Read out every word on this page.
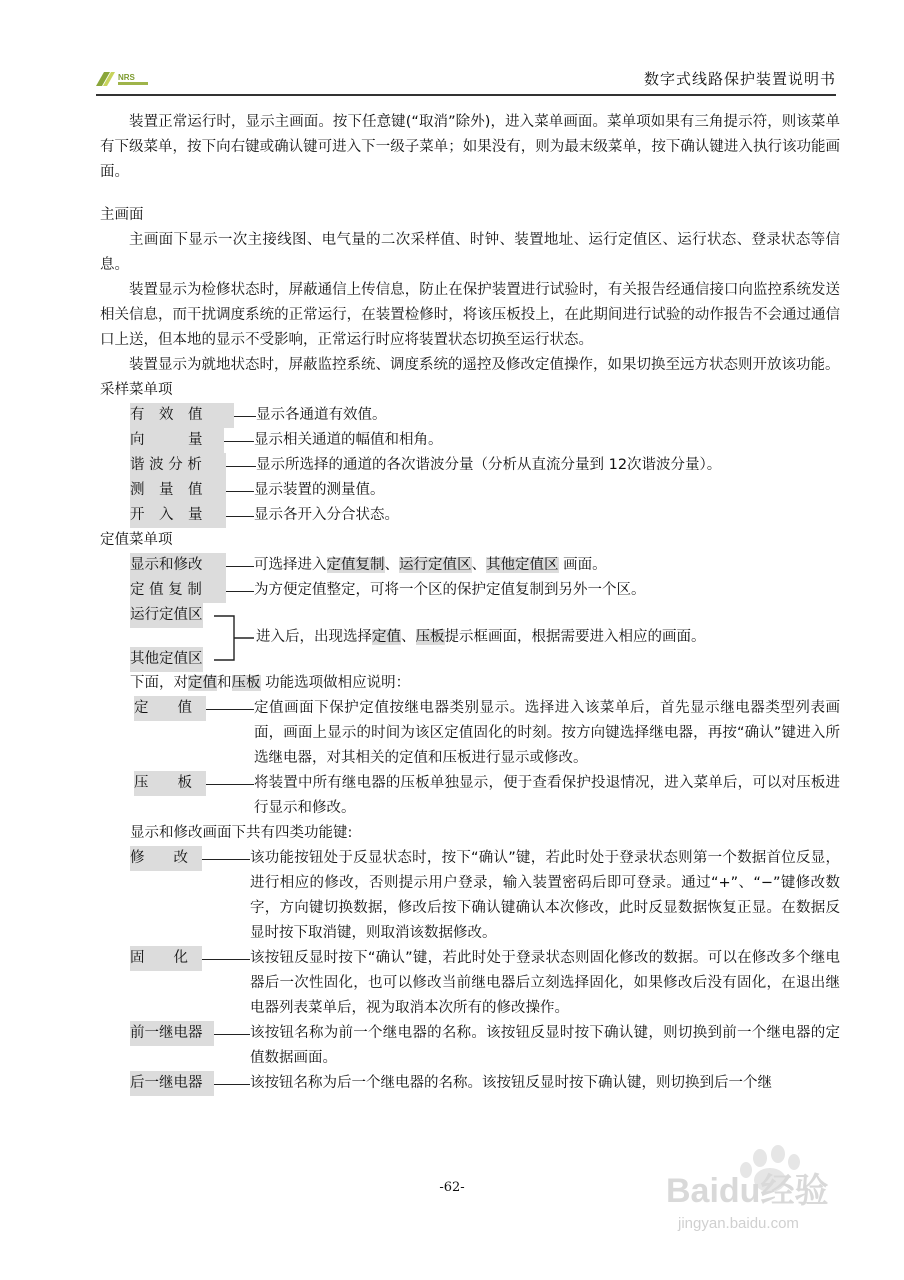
NRS	数字式线路保护装置说明书

装置正常运行时，显示主画面。按下任意键(“取消”除外)，进入菜单画面。菜单项如果有三角提示符，则该菜单有下级菜单，按下向右键或确认键可进入下一级子菜单；如果没有，则为最末级菜单，按下确认键进入执行该功能画面。

主画面

主画面下显示一次主接线图、电气量的二次采样值、时钟、装置地址、运行定值区、运行状态、登录状态等信息。

装置显示为检修状态时，屏蔽通信上传信息，防止在保护装置进行试验时，有关报告经通信接口向监控系统发送相关信息，而干扰调度系统的正常运行，在装置检修时，将该压板投上，在此期间进行试验的动作报告不会通过通信口上送，但本地的显示不受影响，正常运行时应将装置状态切换至运行状态。

装置显示为就地状态时，屏蔽监控系统、调度系统的遥控及修改定值操作，如果切换至远方状态则开放该功能。

采样菜单项

有　效　值	显示各通道有效值。
向　　　量	显示相关通道的幅值和相角。
谐 波 分 析	显示所选择的通道的各次谐波分量（分析从直流分量到 12次谐波分量）。
测　量　值	显示装置的测量值。
开　入　量	显示各开入分合状态。

定值菜单项

显示和修改	可选择进入定值复制、运行定值区、其他定值区 画面。
定 值 复 制	为方便定值整定，可将一个区的保护定值复制到另外一个区。
运行定值区
其他定值区
进入后，出现选择定值、压板提示框画面，根据需要进入相应的画面。

下面，对定值和压板 功能选项做相应说明：

定　　值	定值画面下保护定值按继电器类别显示。选择进入该菜单后，首先显示继电器类型列表画面，画面上显示的时间为该区定值固化的时刻。按方向键选择继电器，再按“确认”键进入所选继电器，对其相关的定值和压板进行显示或修改。
压　　板	将装置中所有继电器的压板单独显示，便于查看保护投退情况，进入菜单后，可以对压板进行显示和修改。

显示和修改画面下共有四类功能键:

修　　改	该功能按钮处于反显状态时，按下“确认”键，若此时处于登录状态则第一个数据首位反显，进行相应的修改，否则提示用户登录，输入装置密码后即可登录。通过“+”、“−”键修改数字，方向键切换数据，修改后按下确认键确认本次修改，此时反显数据恢复正显。在数据反显时按下取消键，则取消该数据修改。
固　　化	该按钮反显时按下“确认”键，若此时处于登录状态则固化修改的数据。可以在修改多个继电器后一次性固化，也可以修改当前继电器后立刻选择固化，如果修改后没有固化，在退出继电器列表菜单后，视为取消本次所有的修改操作。
前一继电器	该按钮名称为前一个继电器的名称。该按钮反显时按下确认键，则切换到前一个继电器的定值数据画面。
后一继电器	该按钮名称为后一个继电器的名称。该按钮反显时按下确认键，则切换到后一个继
-62-	Baidu经验
jingyan.baidu.com
